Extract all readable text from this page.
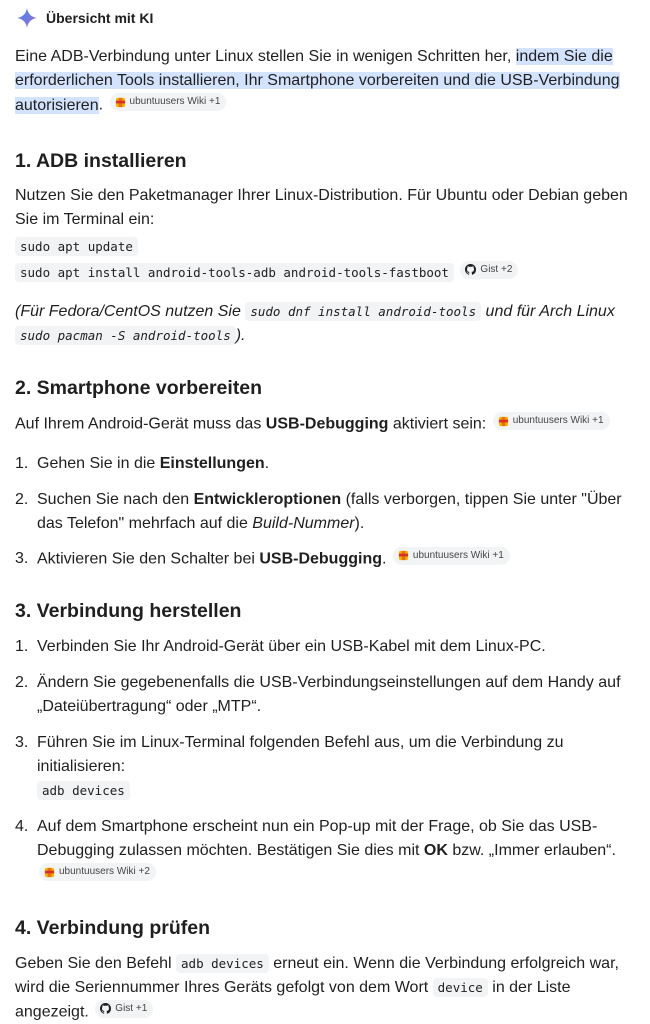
Übersicht mit KI

Eine ADB-Verbindung unter Linux stellen Sie in wenigen Schritten her, indem Sie die erforderlichen Tools installieren, Ihr Smartphone vorbereiten und die USB-Verbindung autorisieren.	ubuntuusers Wiki +1

1. ADB installieren

Nutzen Sie den Paketmanager Ihrer Linux-Distribution. Für Ubuntu oder Debian geben Sie im Terminal ein:

sudo apt update
sudo apt install android-tools-adb android-tools-fastboot	Gist +2

(Für Fedora/CentOS nutzen Sie sudo dnf install android-tools und für Arch Linux sudo pacman -S android-tools ).

2. Smartphone vorbereiten

Auf Ihrem Android-Gerät muss das USB-Debugging aktiviert sein:	ubuntuusers Wiki +1

1. Gehen Sie in die Einstellungen.
2. Suchen Sie nach den Entwickleroptionen (falls verborgen, tippen Sie unter "Über das Telefon" mehrfach auf die Build-Nummer).
3. Aktivieren Sie den Schalter bei USB-Debugging.	ubuntuusers Wiki +1
3. Verbindung herstellen
1. Verbinden Sie Ihr Android-Gerät über ein USB-Kabel mit dem Linux-PC.
2. Ändern Sie gegebenenfalls die USB-Verbindungseinstellungen auf dem Handy auf „Dateiübertragung“ oder „MTP“.
3. Führen Sie im Linux-Terminal folgenden Befehl aus, um die Verbindung zu initialisieren:
adb devices
4. Auf dem Smartphone erscheint nun ein Pop-up mit der Frage, ob Sie das USB-Debugging zulassen möchten. Bestätigen Sie dies mit OK bzw. „Immer erlauben“.
ubuntuusers Wiki +2
4. Verbindung prüfen

Geben Sie den Befehl adb devices erneut ein. Wenn die Verbindung erfolgreich war, wird die Seriennummer Ihres Geräts gefolgt von dem Wort device in der Liste angezeigt.	Gist +1
